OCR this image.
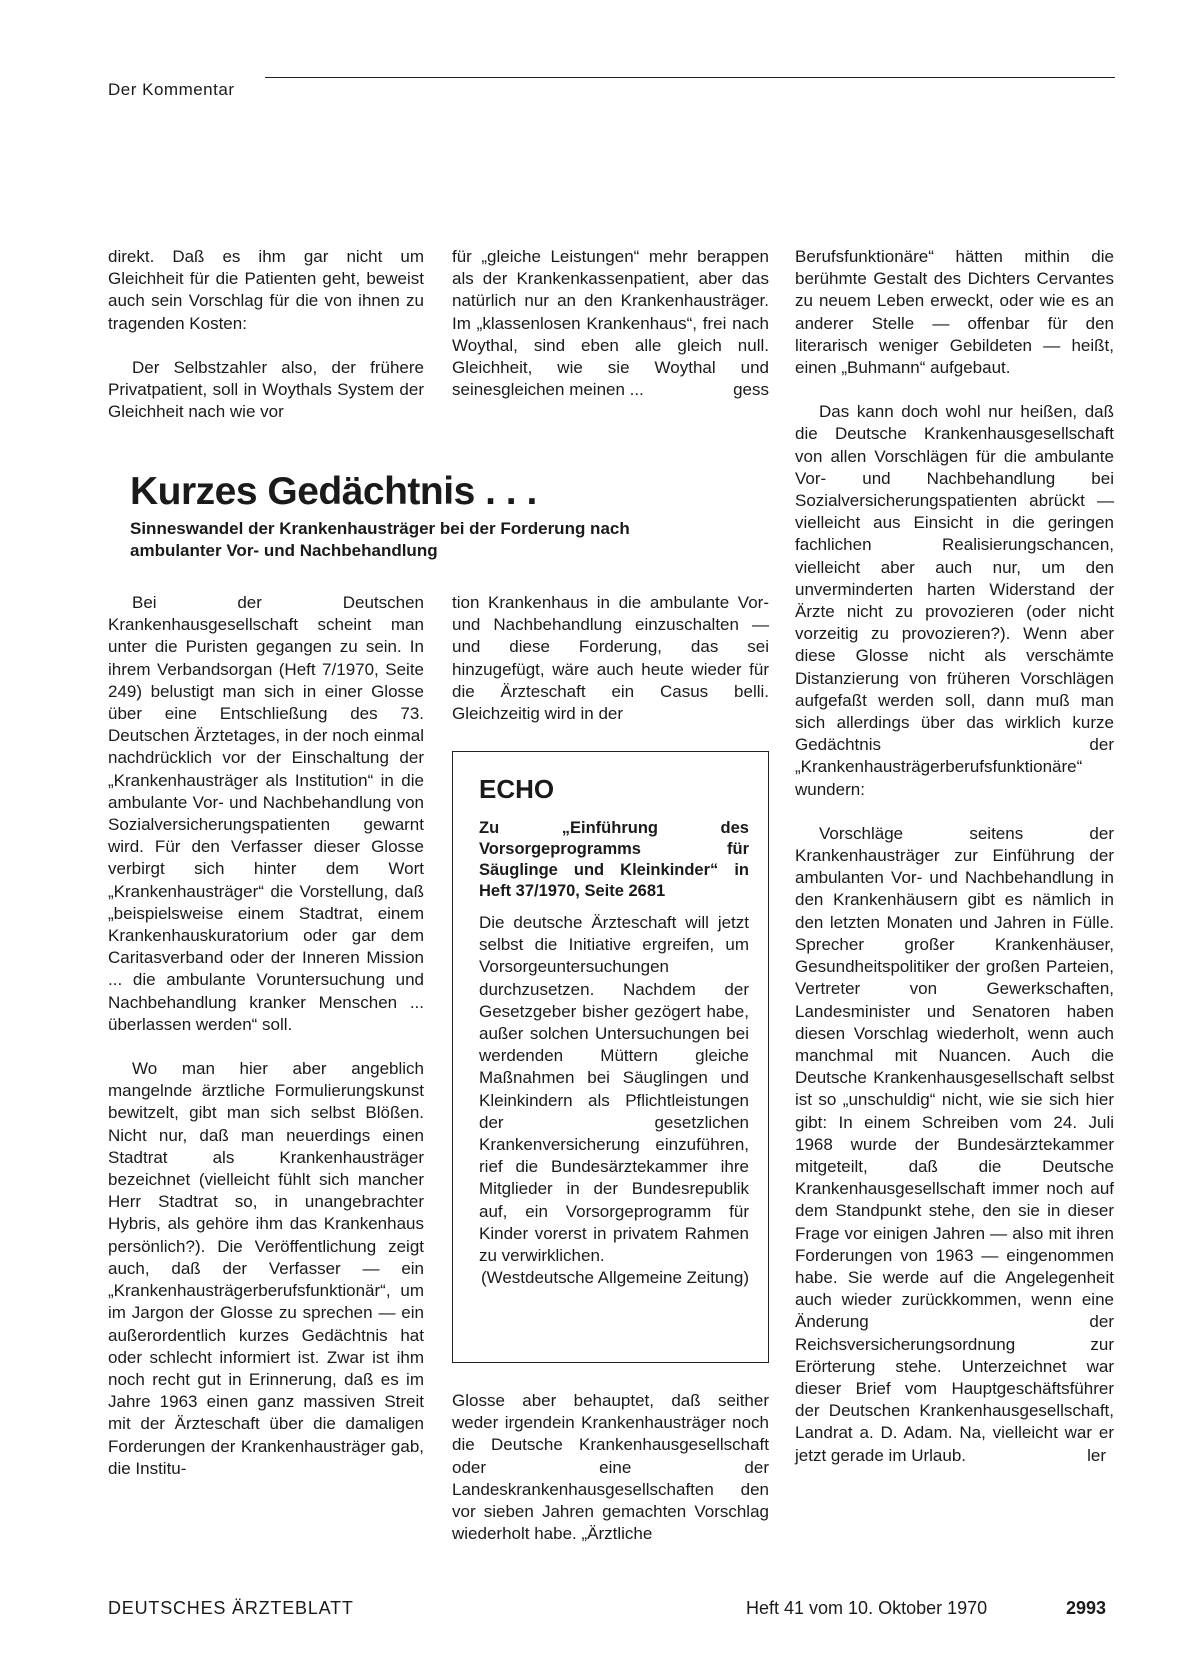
Der Kommentar

direkt. Daß es ihm gar nicht um Gleichheit für die Patienten geht, beweist auch sein Vorschlag für die von ihnen zu tragenden Kosten:

Der Selbstzahler also, der frühere Privatpatient, soll in Woythals System der Gleichheit nach wie vor

für „gleiche Leistungen“ mehr berappen als der Krankenkassenpatient, aber das natürlich nur an den Krankenhausträger. Im „klassenlosen Krankenhaus“, frei nach Woythal, sind eben alle gleich null. Gleichheit, wie sie Woythal und seinesgleichen meinen ...	gess
Kurzes Gedächtnis . . .
Sinneswandel der Krankenhausträger bei der Forderung nach ambulanter Vor- und Nachbehandlung

Bei der Deutschen Krankenhausgesellschaft scheint man unter die Puristen gegangen zu sein. In ihrem Verbandsorgan (Heft 7/1970, Seite 249) belustigt man sich in einer Glosse über eine Entschließung des 73. Deutschen Ärztetages, in der noch einmal nachdrücklich vor der Einschaltung der „Krankenhausträger als Institution“ in die ambulante Vor- und Nachbehandlung von Sozialversicherungspatienten gewarnt wird. Für den Verfasser dieser Glosse verbirgt sich hinter dem Wort „Krankenhausträger“ die Vorstellung, daß „beispielsweise einem Stadtrat, einem Krankenhauskuratorium oder gar dem Caritasverband oder der Inneren Mission ... die ambulante Voruntersuchung und Nachbehandlung kranker Menschen ... überlassen werden“ soll.

Wo man hier aber angeblich mangelnde ärztliche Formulierungskunst bewitzelt, gibt man sich selbst Blößen. Nicht nur, daß man neuerdings einen Stadtrat als Krankenhausträger bezeichnet (vielleicht fühlt sich mancher Herr Stadtrat so, in unangebrachter Hybris, als gehöre ihm das Krankenhaus persönlich?). Die Veröffentlichung zeigt auch, daß der Verfasser — ein „Krankenhausträgerberufsfunktionär“, um im Jargon der Glosse zu sprechen — ein außerordentlich kurzes Gedächtnis hat oder schlecht informiert ist. Zwar ist ihm noch recht gut in Erinnerung, daß es im Jahre 1963 einen ganz massiven Streit mit der Ärzteschaft über die damaligen Forderungen der Krankenhausträger gab, die Institu-

tion Krankenhaus in die ambulante Vor- und Nachbehandlung einzuschalten — und diese Forderung, das sei hinzugefügt, wäre auch heute wieder für die Ärzteschaft ein Casus belli. Gleichzeitig wird in der

ECHO
Zu „Einführung des Vorsorgeprogramms für Säuglinge und Kleinkinder“ in Heft 37/1970, Seite 2681
Die deutsche Ärzteschaft will jetzt selbst die Initiative ergreifen, um Vorsorgeuntersuchungen durchzusetzen. Nachdem der Gesetzgeber bisher gezögert habe, außer solchen Untersuchungen bei werdenden Müttern gleiche Maßnahmen bei Säuglingen und Kleinkindern als Pflichtleistungen der gesetzlichen Krankenversicherung einzuführen, rief die Bundesärztekammer ihre Mitglieder in der Bundesrepublik auf, ein Vorsorgeprogramm für Kinder vorerst in privatem Rahmen zu verwirklichen.
(Westdeutsche Allgemeine Zeitung)

Glosse aber behauptet, daß seither weder irgendein Krankenhausträger noch die Deutsche Krankenhausgesellschaft oder eine der Landeskrankenhausgesellschaften den vor sieben Jahren gemachten Vorschlag wiederholt habe. „Ärztliche

Berufsfunktionäre“ hätten mithin die berühmte Gestalt des Dichters Cervantes zu neuem Leben erweckt, oder wie es an anderer Stelle — offenbar für den literarisch weniger Gebildeten — heißt, einen „Buhmann“ aufgebaut.

Das kann doch wohl nur heißen, daß die Deutsche Krankenhausgesellschaft von allen Vorschlägen für die ambulante Vor- und Nachbehandlung bei Sozialversicherungspatienten abrückt — vielleicht aus Einsicht in die geringen fachlichen Realisierungschancen, vielleicht aber auch nur, um den unverminderten harten Widerstand der Ärzte nicht zu provozieren (oder nicht vorzeitig zu provozieren?). Wenn aber diese Glosse nicht als verschämte Distanzierung von früheren Vorschlägen aufgefaßt werden soll, dann muß man sich allerdings über das wirklich kurze Gedächtnis der „Krankenhausträgerberufsfunktionäre“ wundern:

Vorschläge seitens der Krankenhausträger zur Einführung der ambulanten Vor- und Nachbehandlung in den Krankenhäusern gibt es nämlich in den letzten Monaten und Jahren in Fülle. Sprecher großer Krankenhäuser, Gesundheitspolitiker der großen Parteien, Vertreter von Gewerkschaften, Landesminister und Senatoren haben diesen Vorschlag wiederholt, wenn auch manchmal mit Nuancen. Auch die Deutsche Krankenhausgesellschaft selbst ist so „unschuldig“ nicht, wie sie sich hier gibt: In einem Schreiben vom 24. Juli 1968 wurde der Bundesärztekammer mitgeteilt, daß die Deutsche Krankenhausgesellschaft immer noch auf dem Standpunkt stehe, den sie in dieser Frage vor einigen Jahren — also mit ihren Forderungen von 1963 — eingenommen habe. Sie werde auf die Angelegenheit auch wieder zurückkommen, wenn eine Änderung der Reichsversicherungsordnung zur Erörterung stehe. Unterzeichnet war dieser Brief vom Hauptgeschäftsführer der Deutschen Krankenhausgesellschaft, Landrat a. D. Adam. Na, vielleicht war er jetzt gerade im Urlaub.	ler
DEUTSCHES ÄRZTEBLATT	Heft 41 vom 10. Oktober 1970	2993
